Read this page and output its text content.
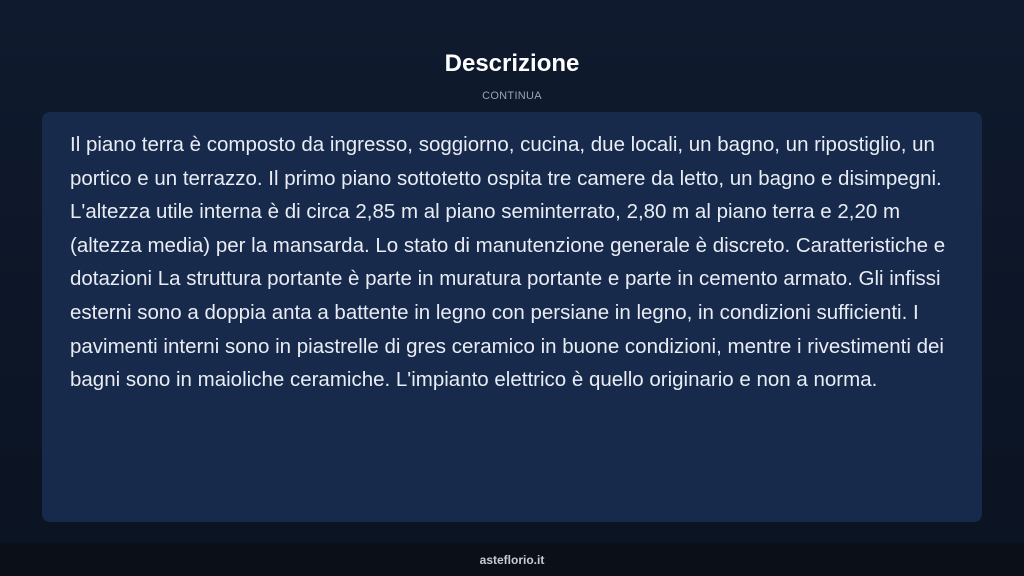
Descrizione
CONTINUA

Il piano terra è composto da ingresso, soggiorno, cucina, due locali, un bagno, un ripostiglio, un portico e un terrazzo. Il primo piano sottotetto ospita tre camere da letto, un bagno e disimpegni. L'altezza utile interna è di circa 2,85 m al piano seminterrato, 2,80 m al piano terra e 2,20 m (altezza media) per la mansarda. Lo stato di manutenzione generale è discreto. Caratteristiche e dotazioni La struttura portante è parte in muratura portante e parte in cemento armato. Gli infissi esterni sono a doppia anta a battente in legno con persiane in legno, in condizioni sufficienti. I pavimenti interni sono in piastrelle di gres ceramico in buone condizioni, mentre i rivestimenti dei bagni sono in maioliche ceramiche. L'impianto elettrico è quello originario e non a norma.

asteflorio.it
